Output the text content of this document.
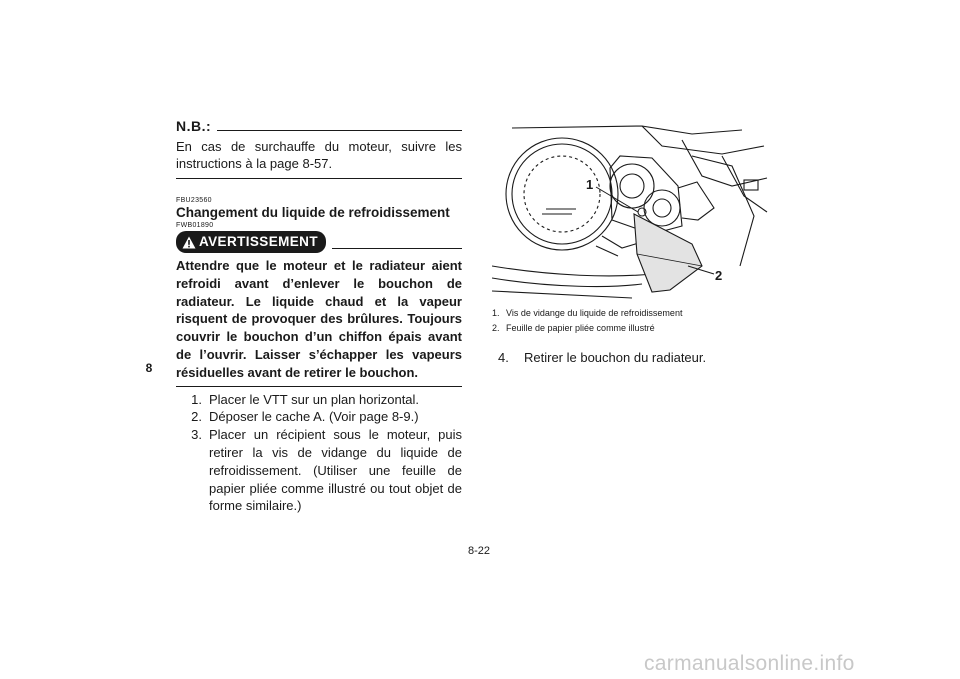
8
N.B.:
En cas de surchauffe du moteur, suivre les instructions à la page 8-57.
FBU23560
Changement du liquide de refroidissement
FWB01890
AVERTISSEMENT
Attendre que le moteur et le radiateur aient refroidi avant d’enlever le bouchon de radiateur. Le liquide chaud et la vapeur risquent de provoquer des brûlures. Toujours couvrir le bouchon d’un chiffon épais avant de l’ouvrir. Laisser s’échapper les vapeurs résiduelles avant de retirer le bouchon.
1. Placer le VTT sur un plan horizontal.
2. Déposer le cache A. (Voir page 8-9.)
3. Placer un récipient sous le moteur, puis retirer la vis de vidange du liquide de refroidissement. (Utiliser une feuille de papier pliée comme illustré ou tout objet de forme similaire.)
1
2
1. Vis de vidange du liquide de refroidissement
2. Feuille de papier pliée comme illustré
4.	Retirer le bouchon du radiateur.
8-22
carmanualsonline.info
